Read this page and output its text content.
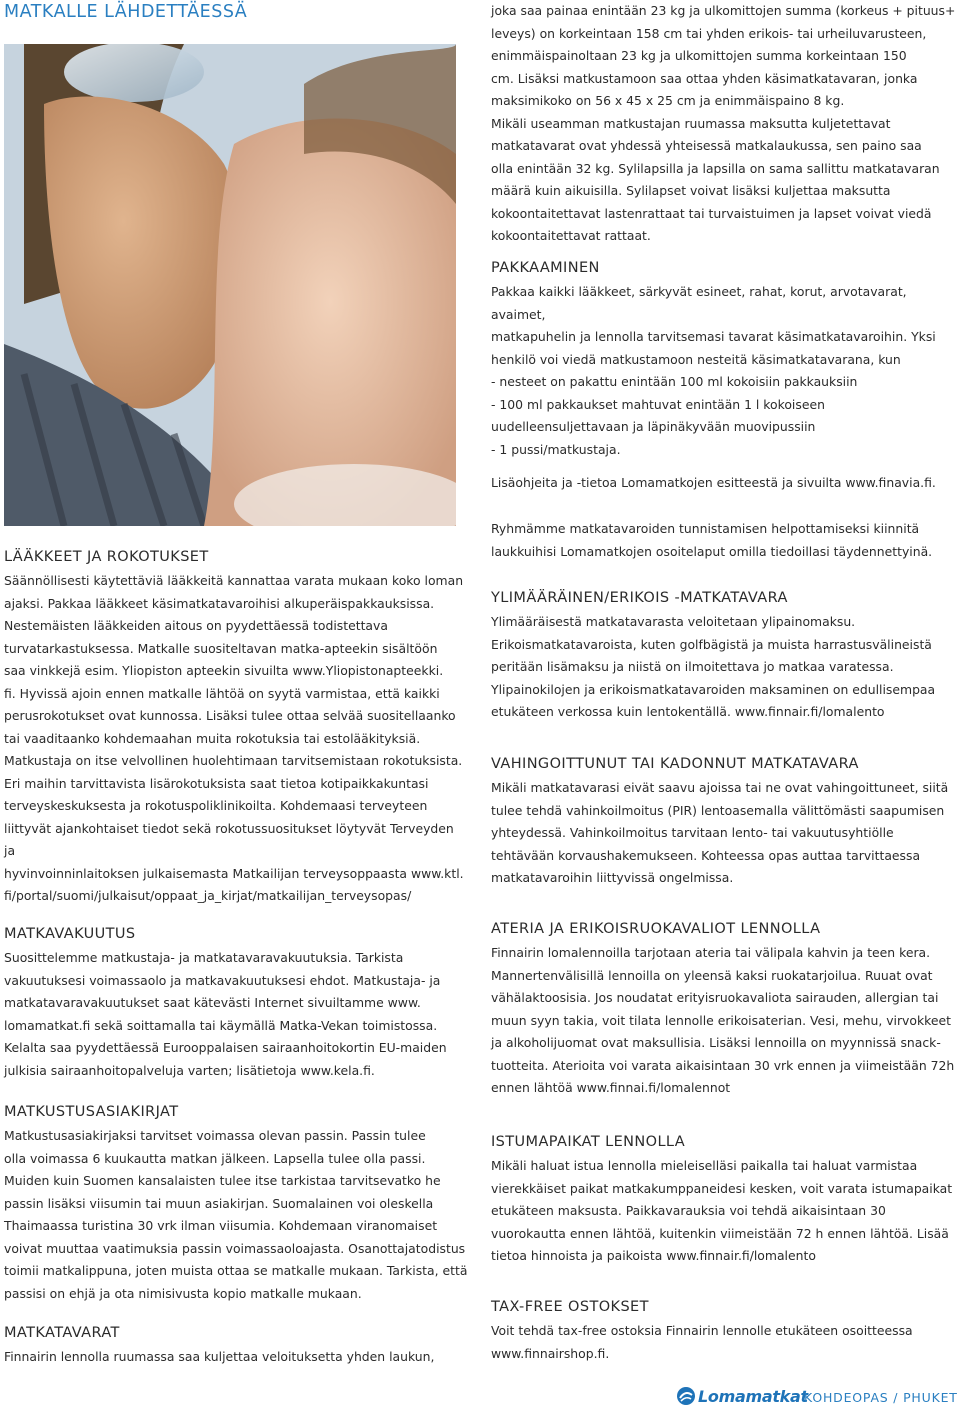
MATKALLE LÄHDETTÄESSÄ	joka saa painaa enintään 23 kg ja ulkomittojen summa (korkeus + pituus+
leveys) on korkeintaan 158 cm tai yhden erikois- tai urheiluvarusteen,
enimmäispainoltaan 23 kg ja ulkomittojen summa korkeintaan 150
cm. Lisäksi matkustamoon saa ottaa yhden käsimatkatavaran, jonka
maksimikoko on 56 x 45 x 25 cm ja enimmäispaino 8 kg.
Mikäli useamman matkustajan ruumassa maksutta kuljetettavat
matkatavarat ovat yhdessä yhteisessä matkalaukussa, sen paino saa
olla enintään 32 kg. Sylilapsilla ja lapsilla on sama sallittu matkatavaran
määrä kuin aikuisilla. Sylilapset voivat lisäksi kuljettaa maksutta
kokoontaitettavat lastenrattaat tai turvaistuimen ja lapset voivat viedä
kokoontaitettavat rattaat.

PAKKAAMINEN

Pakkaa kaikki lääkkeet, särkyvät esineet, rahat, korut, arvotavarat, avaimet,
matkapuhelin ja lennolla tarvitsemasi tavarat käsimatkatavaroihin. Yksi
henkilö voi viedä matkustamoon nesteitä käsimatkatavarana, kun
- nesteet on pakattu enintään 100 ml kokoisiin pakkauksiin
- 100 ml pakkaukset mahtuvat enintään 1 l kokoiseen
uudelleensuljettavaan ja läpinäkyvään muovipussiin
- 1 pussi/matkustaja.

Lisäohjeita ja -tietoa Lomamatkojen esitteestä ja sivuilta www.finavia.fi.

Ryhmämme matkatavaroiden tunnistamisen helpottamiseksi kiinnitä
laukkuihisi Lomamatkojen osoitelaput omilla tiedoillasi täydennettyinä.

LÄÄKKEET JA ROKOTUKSET

Säännöllisesti käytettäviä lääkkeitä kannattaa varata mukaan koko loman
ajaksi. Pakkaa lääkkeet käsimatkatavaroihisi alkuperäispakkauksissa.
Nestemäisten lääkkeiden aitous on pyydettäessä todistettava
turvatarkastuksessa. Matkalle suositeltavan matka-apteekin sisältöön
saa vinkkejä esim. Yliopiston apteekin sivuilta www.Yliopistonapteekki.
fi. Hyvissä ajoin ennen matkalle lähtöä on syytä varmistaa, että kaikki
perusrokotukset ovat kunnossa. Lisäksi tulee ottaa selvää suositellaanko
tai vaaditaanko kohdemaahan muita rokotuksia tai estolääkityksiä.
Matkustaja on itse velvollinen huolehtimaan tarvitsemistaan rokotuksista.
Eri maihin tarvittavista lisärokotuksista saat tietoa kotipaikkakuntasi
terveyskeskuksesta ja rokotuspoliklinikoilta. Kohdemaasi terveyteen
liittyvät ajankohtaiset tiedot sekä rokotussuositukset löytyvät Terveyden ja
hyvinvoinninlaitoksen julkaisemasta Matkailijan terveysoppaasta www.ktl.
fi/portal/suomi/julkaisut/oppaat_ja_kirjat/matkailijan_terveysopas/

MATKAVAKUUTUS

Suosittelemme matkustaja- ja matkatavaravakuutuksia. Tarkista
vakuutuksesi voimassaolo ja matkavakuutuksesi ehdot. Matkustaja- ja
matkatavaravakuutukset saat kätevästi Internet sivuiltamme www.
lomamatkat.fi sekä soittamalla tai käymällä Matka-Vekan toimistossa.
Kelalta saa pyydettäessä Eurooppalaisen sairaanhoitokortin EU-maiden
julkisia sairaanhoitopalveluja varten; lisätietoja www.kela.fi.

MATKUSTUSASIAKIRJAT

Matkustusasiakirjaksi tarvitset voimassa olevan passin. Passin tulee
olla voimassa 6 kuukautta matkan jälkeen. Lapsella tulee olla passi.
Muiden kuin Suomen kansalaisten tulee itse tarkistaa tarvitsevatko he
passin lisäksi viisumin tai muun asiakirjan. Suomalainen voi oleskella
Thaimaassa turistina 30 vrk ilman viisumia. Kohdemaan viranomaiset
voivat muuttaa vaatimuksia passin voimassaoloajasta. Osanottajatodistus
toimii matkalippuna, joten muista ottaa se matkalle mukaan. Tarkista, että
passisi on ehjä ja ota nimisivusta kopio matkalle mukaan.

MATKATAVARAT

Finnairin lennolla ruumassa saa kuljettaa veloituksetta yhden laukun,

YLIMÄÄRÄINEN/ERIKOIS -MATKATAVARA

Ylimääräisestä matkatavarasta veloitetaan ylipainomaksu.
Erikoismatkatavaroista, kuten golfbägistä ja muista harrastusvälineistä
peritään lisämaksu ja niistä on ilmoitettava jo matkaa varatessa.
Ylipainokilojen ja erikoismatkatavaroiden maksaminen on edullisempaa
etukäteen verkossa kuin lentokentällä. www.finnair.fi/lomalento

VAHINGOITTUNUT TAI KADONNUT MATKATAVARA

Mikäli matkatavarasi eivät saavu ajoissa tai ne ovat vahingoittuneet, siitä
tulee tehdä vahinkoilmoitus (PIR) lentoasemalla välittömästi saapumisen
yhteydessä. Vahinkoilmoitus tarvitaan lento- tai vakuutusyhtiölle
tehtävään korvaushakemukseen. Kohteessa opas auttaa tarvittaessa
matkatavaroihin liittyvissä ongelmissa.

ATERIA JA ERIKOISRUOKAVALIOT LENNOLLA

Finnairin lomalennoilla tarjotaan ateria tai välipala kahvin ja teen kera.
Mannertenvälisillä lennoilla on yleensä kaksi ruokatarjoilua. Ruuat ovat
vähälaktoosisia. Jos noudatat erityisruokavaliota sairauden, allergian tai
muun syyn takia, voit tilata lennolle erikoisaterian. Vesi, mehu, virvokkeet
ja alkoholijuomat ovat maksullisia. Lisäksi lennoilla on myynnissä snack-
tuotteita. Aterioita voi varata aikaisintaan 30 vrk ennen ja viimeistään 72h
ennen lähtöä www.finnai.fi/lomalennot

ISTUMAPAIKAT LENNOLLA

Mikäli haluat istua lennolla mieleiselläsi paikalla tai haluat varmistaa
vierekkäiset paikat matkakumppaneidesi kesken, voit varata istumapaikat
etukäteen maksusta. Paikkavarauksia voi tehdä aikaisintaan 30
vuorokautta ennen lähtöä, kuitenkin viimeistään 72 h ennen lähtöä. Lisää
tietoa hinnoista ja paikoista www.finnair.fi/lomalento

TAX-FREE OSTOKSET

Voit tehdä tax-free ostoksia Finnairin lennolle etukäteen osoitteessa
www.finnairshop.fi.

Lomamatkat
KOHDEOPAS / PHUKET
